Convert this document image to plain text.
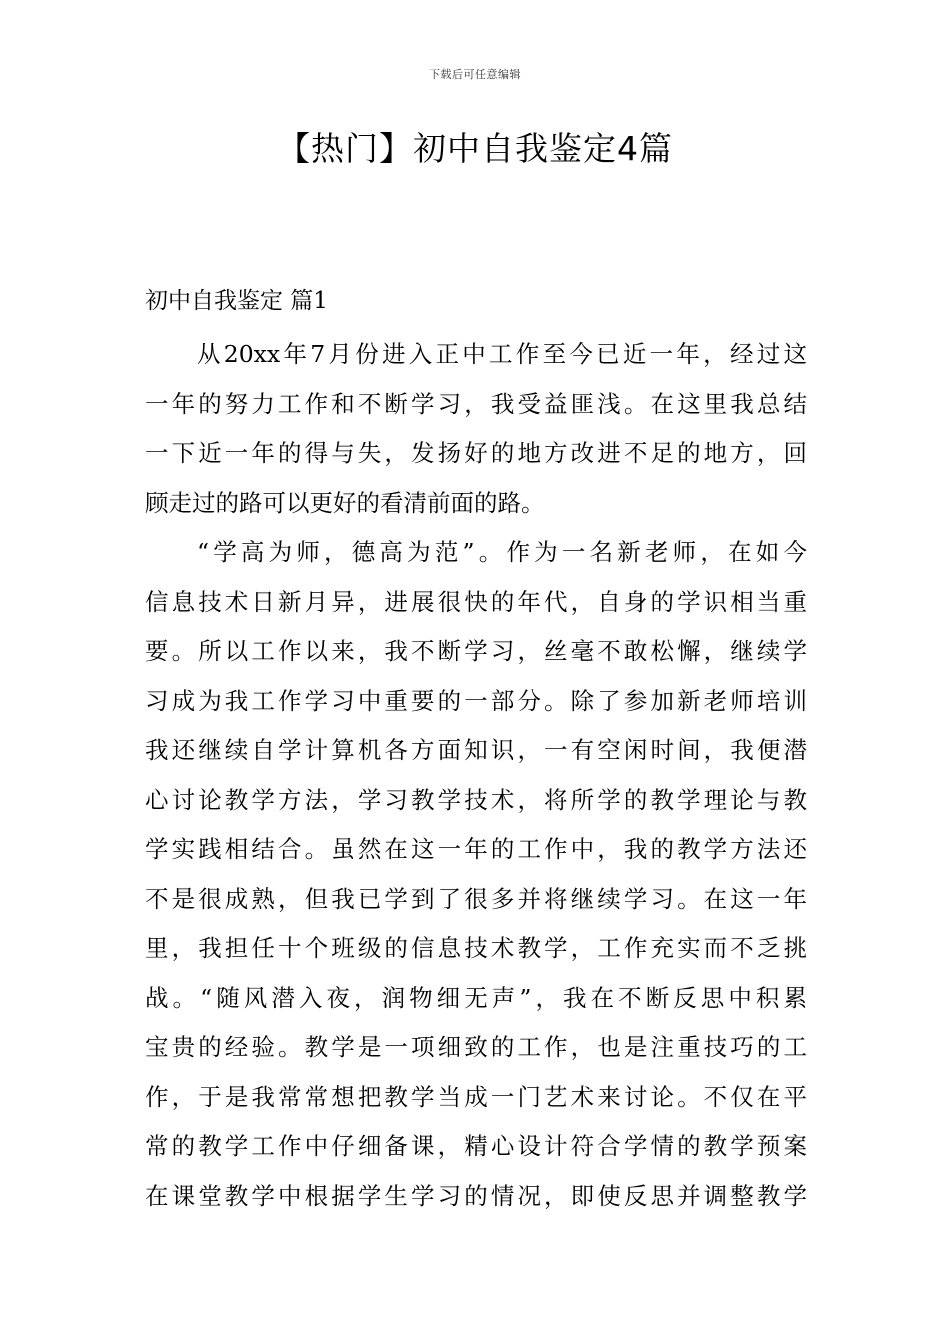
下载后可任意编辑
【热门】初中自我鉴定4篇
初中自我鉴定 篇1

从20xx年7月份进入正中工作至今已近一年，经过这
一年的努力工作和不断学习，我受益匪浅。在这里我总结
一下近一年的得与失，发扬好的地方改进不足的地方，回
顾走过的路可以更好的看清前面的路。

“学高为师，德高为范”。作为一名新老师，在如今
信息技术日新月异，进展很快的年代，自身的学识相当重
要。所以工作以来，我不断学习，丝毫不敢松懈，继续学
习成为我工作学习中重要的一部分。除了参加新老师培训
我还继续自学计算机各方面知识，一有空闲时间，我便潜
心讨论教学方法，学习教学技术，将所学的教学理论与教
学实践相结合。虽然在这一年的工作中，我的教学方法还
不是很成熟，但我已学到了很多并将继续学习。在这一年
里，我担任十个班级的信息技术教学，工作充实而不乏挑
战。“随风潜入夜，润物细无声”，我在不断反思中积累
宝贵的经验。教学是一项细致的工作，也是注重技巧的工
作，于是我常常想把教学当成一门艺术来讨论。不仅在平
常的教学工作中仔细备课，精心设计符合学情的教学预案
在课堂教学中根据学生学习的情况，即使反思并调整教学
